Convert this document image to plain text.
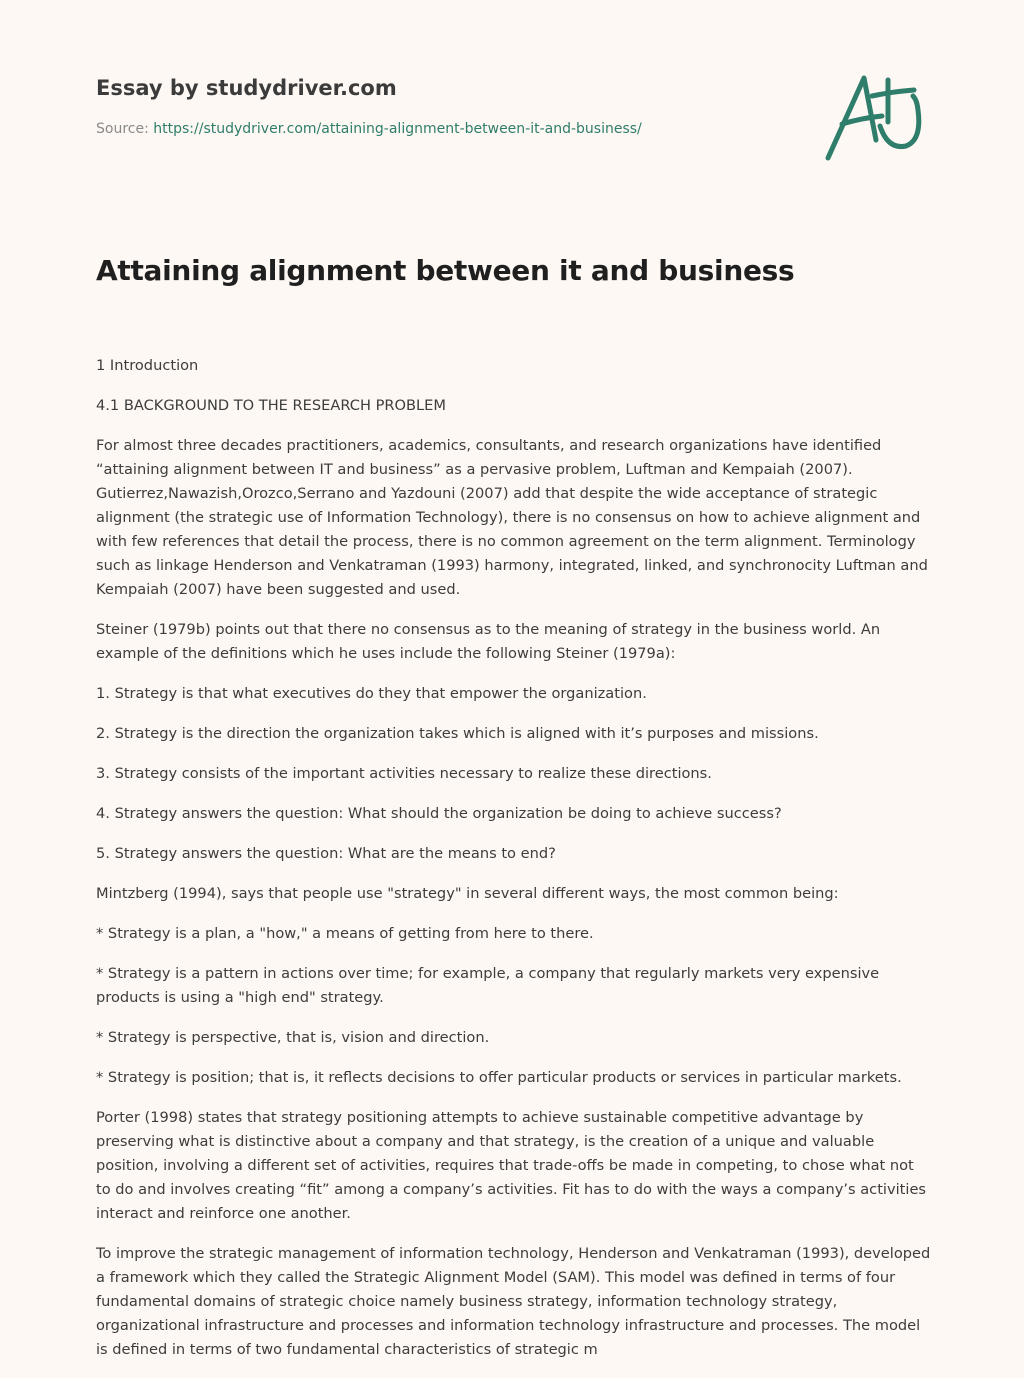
Essay by studydriver.com
Source: https://studydriver.com/attaining-alignment-between-it-and-business/
Attaining alignment between it and business

1 Introduction

4.1 BACKGROUND TO THE RESEARCH PROBLEM

For almost three decades practitioners, academics, consultants, and research organizations have identified “attaining alignment between IT and business” as a pervasive problem, Luftman and Kempaiah (2007). Gutierrez,Nawazish,Orozco,Serrano and Yazdouni (2007) add that despite the wide acceptance of strategic alignment (the strategic use of Information Technology), there is no consensus on how to achieve alignment and with few references that detail the process, there is no common agreement on the term alignment. Terminology such as linkage Henderson and Venkatraman (1993) harmony, integrated, linked, and synchronocity Luftman and Kempaiah (2007) have been suggested and used.

Steiner (1979b) points out that there no consensus as to the meaning of strategy in the business world. An example of the definitions which he uses include the following Steiner (1979a):

1. Strategy is that what executives do they that empower the organization.

2. Strategy is the direction the organization takes which is aligned with it’s purposes and missions.

3. Strategy consists of the important activities necessary to realize these directions.

4. Strategy answers the question: What should the organization be doing to achieve success?

5. Strategy answers the question: What are the means to end?

Mintzberg (1994), says that people use "strategy" in several different ways, the most common being:

* Strategy is a plan, a "how," a means of getting from here to there.

* Strategy is a pattern in actions over time; for example, a company that regularly markets very expensive products is using a "high end" strategy.

* Strategy is perspective, that is, vision and direction.

* Strategy is position; that is, it reflects decisions to offer particular products or services in particular markets.

Porter (1998) states that strategy positioning attempts to achieve sustainable competitive advantage by preserving what is distinctive about a company and that strategy, is the creation of a unique and valuable position, involving a different set of activities, requires that trade-offs be made in competing, to chose what not to do and involves creating “fit” among a company’s activities. Fit has to do with the ways a company’s activities interact and reinforce one another.

To improve the strategic management of information technology, Henderson and Venkatraman (1993), developed a framework which they called the Strategic Alignment Model (SAM). This model was defined in terms of four fundamental domains of strategic choice namely business strategy, information technology strategy, organizational infrastructure and processes and information technology infrastructure and processes. The model is defined in terms of two fundamental characteristics of strategic m
